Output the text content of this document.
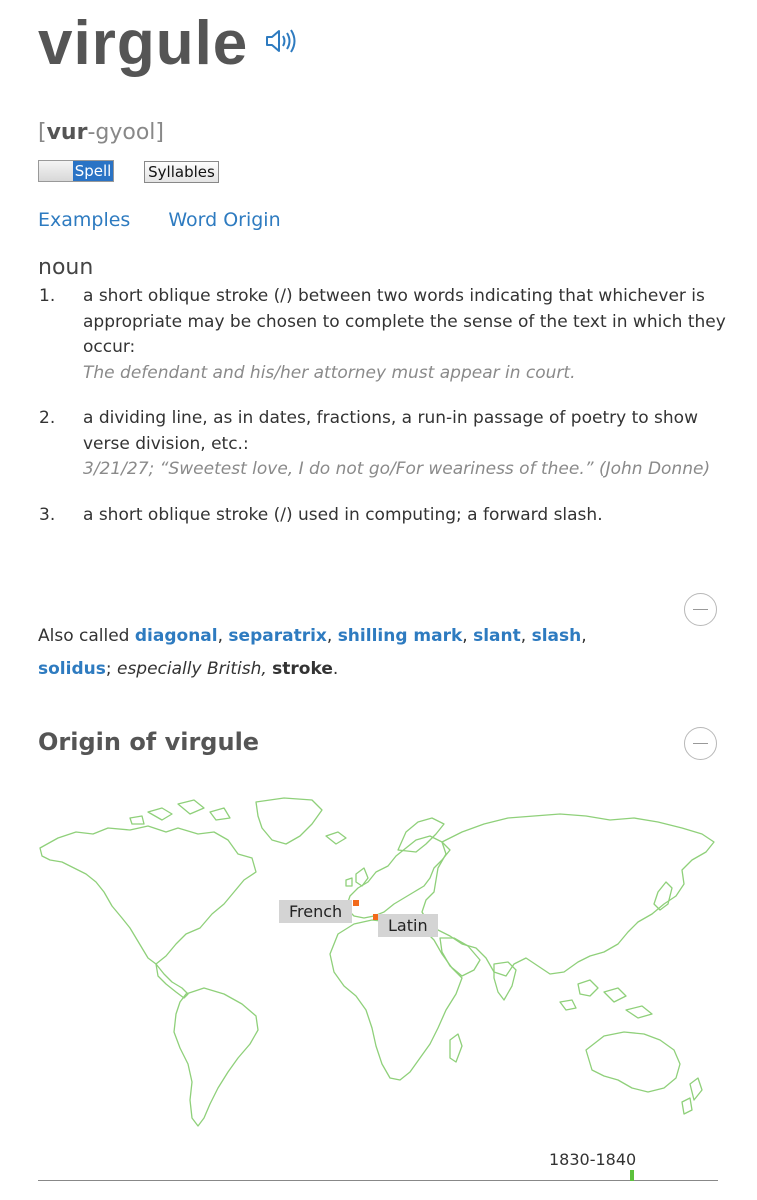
virgule
[vur-gyool]
Spell Syllables
Examples Word Origin
noun
1. a short oblique stroke (/) between two words indicating that whichever is appropriate may be chosen to complete the sense of the text in which they occur:
The defendant and his/her attorney must appear in court.
2. a dividing line, as in dates, fractions, a run-in passage of poetry to show verse division, etc.:
3/21/27; “Sweetest love, I do not go/For weariness of thee.” (John Donne)
3. a short oblique stroke (/) used in computing; a forward slash.
Also called diagonal, separatrix, shilling mark, slant, slash,
solidus; especially British, stroke.
Origin of virgule
French
Latin
1830-1840
